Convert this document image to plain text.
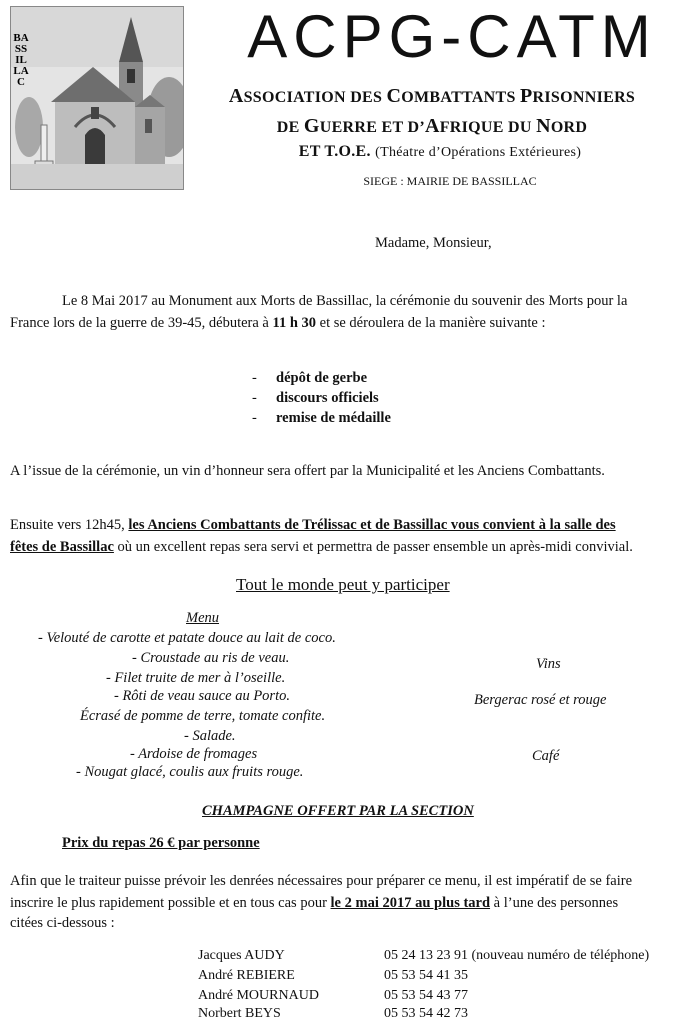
BASSILLAC
ACPG-CATM
ASSOCIATION DES COMBATTANTS PRISONNIERS
DE GUERRE ET D’AFRIQUE DU NORD
ET T.O.E. (Théatre d’Opérations Extérieures)
SIEGE : MAIRIE DE BASSILLAC

Madame, Monsieur,

Le 8 Mai 2017 au Monument aux Morts de Bassillac, la cérémonie du souvenir des Morts pour la

France lors de la guerre de 39-45, débutera à 11 h 30 et se déroulera de la manière suivante :

- dépôt de gerbe
- discours officiels
- remise de médaille

A l’issue de la cérémonie, un vin d’honneur sera offert par la Municipalité et les Anciens Combattants.

Ensuite vers 12h45, les Anciens Combattants de Trélissac et de Bassillac vous convient à la salle des

fêtes de Bassillac où un excellent repas sera servi et permettra de passer ensemble un après-midi convivial.

Tout le monde peut y participer

Menu
- Velouté de carotte et patate douce au lait de coco.
- Croustade au ris de veau.
- Filet truite de mer à l’oseille.
- Rôti de veau sauce au Porto.
Écrasé de pomme de terre, tomate confite.
- Salade.
- Ardoise de fromages
- Nougat glacé, coulis aux fruits rouge.
Vins
Bergerac rosé et rouge
Café

CHAMPAGNE OFFERT PAR LA SECTION

Prix du repas 26 € par personne

Afin que le traiteur puisse prévoir les denrées nécessaires pour préparer ce menu, il est impératif de se faire

inscrire le plus rapidement possible et en tous cas pour le 2 mai 2017 au plus tard à l’une des personnes

citées ci-dessous :

Jacques AUDY	05 24 13 23 91 (nouveau numéro de téléphone)
André REBIERE	05 53 54 41 35
André MOURNAUD	05 53 54 43 77
Norbert BEYS	05 53 54 42 73
